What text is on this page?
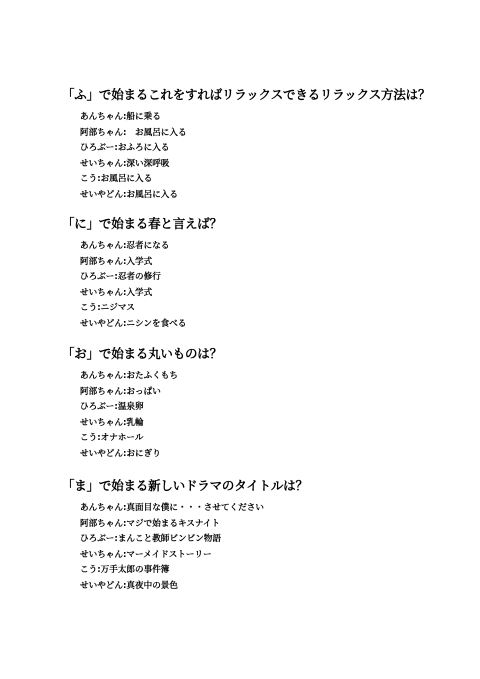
「ふ」で始まるこれをすればリラックスできるリラックス方法は？
あんちゃん:船に乗る
阿部ちゃん:　お風呂に入る
ひろぶー:おふろに入る
せいちゃん:深い深呼吸
こう:お風呂に入る
せいやどん:お風呂に入る
「に」で始まる春と言えば？
あんちゃん:忍者になる
阿部ちゃん:入学式
ひろぶー:忍者の修行
せいちゃん:入学式
こう:ニジマス
せいやどん:ニシンを食べる
「お」で始まる丸いものは？
あんちゃん:おたふくもち
阿部ちゃん:おっぱい
ひろぶー:温泉卵
せいちゃん:乳輪
こう:オナホール
せいやどん:おにぎり
「ま」で始まる新しいドラマのタイトルは？
あんちゃん:真面目な僕に・・・させてください
阿部ちゃん:マジで始まるキスナイト
ひろぶー:まんこと教師ビンビン物語
せいちゃん:マーメイドストーリー
こう:万手太郎の事件簿
せいやどん:真夜中の景色
